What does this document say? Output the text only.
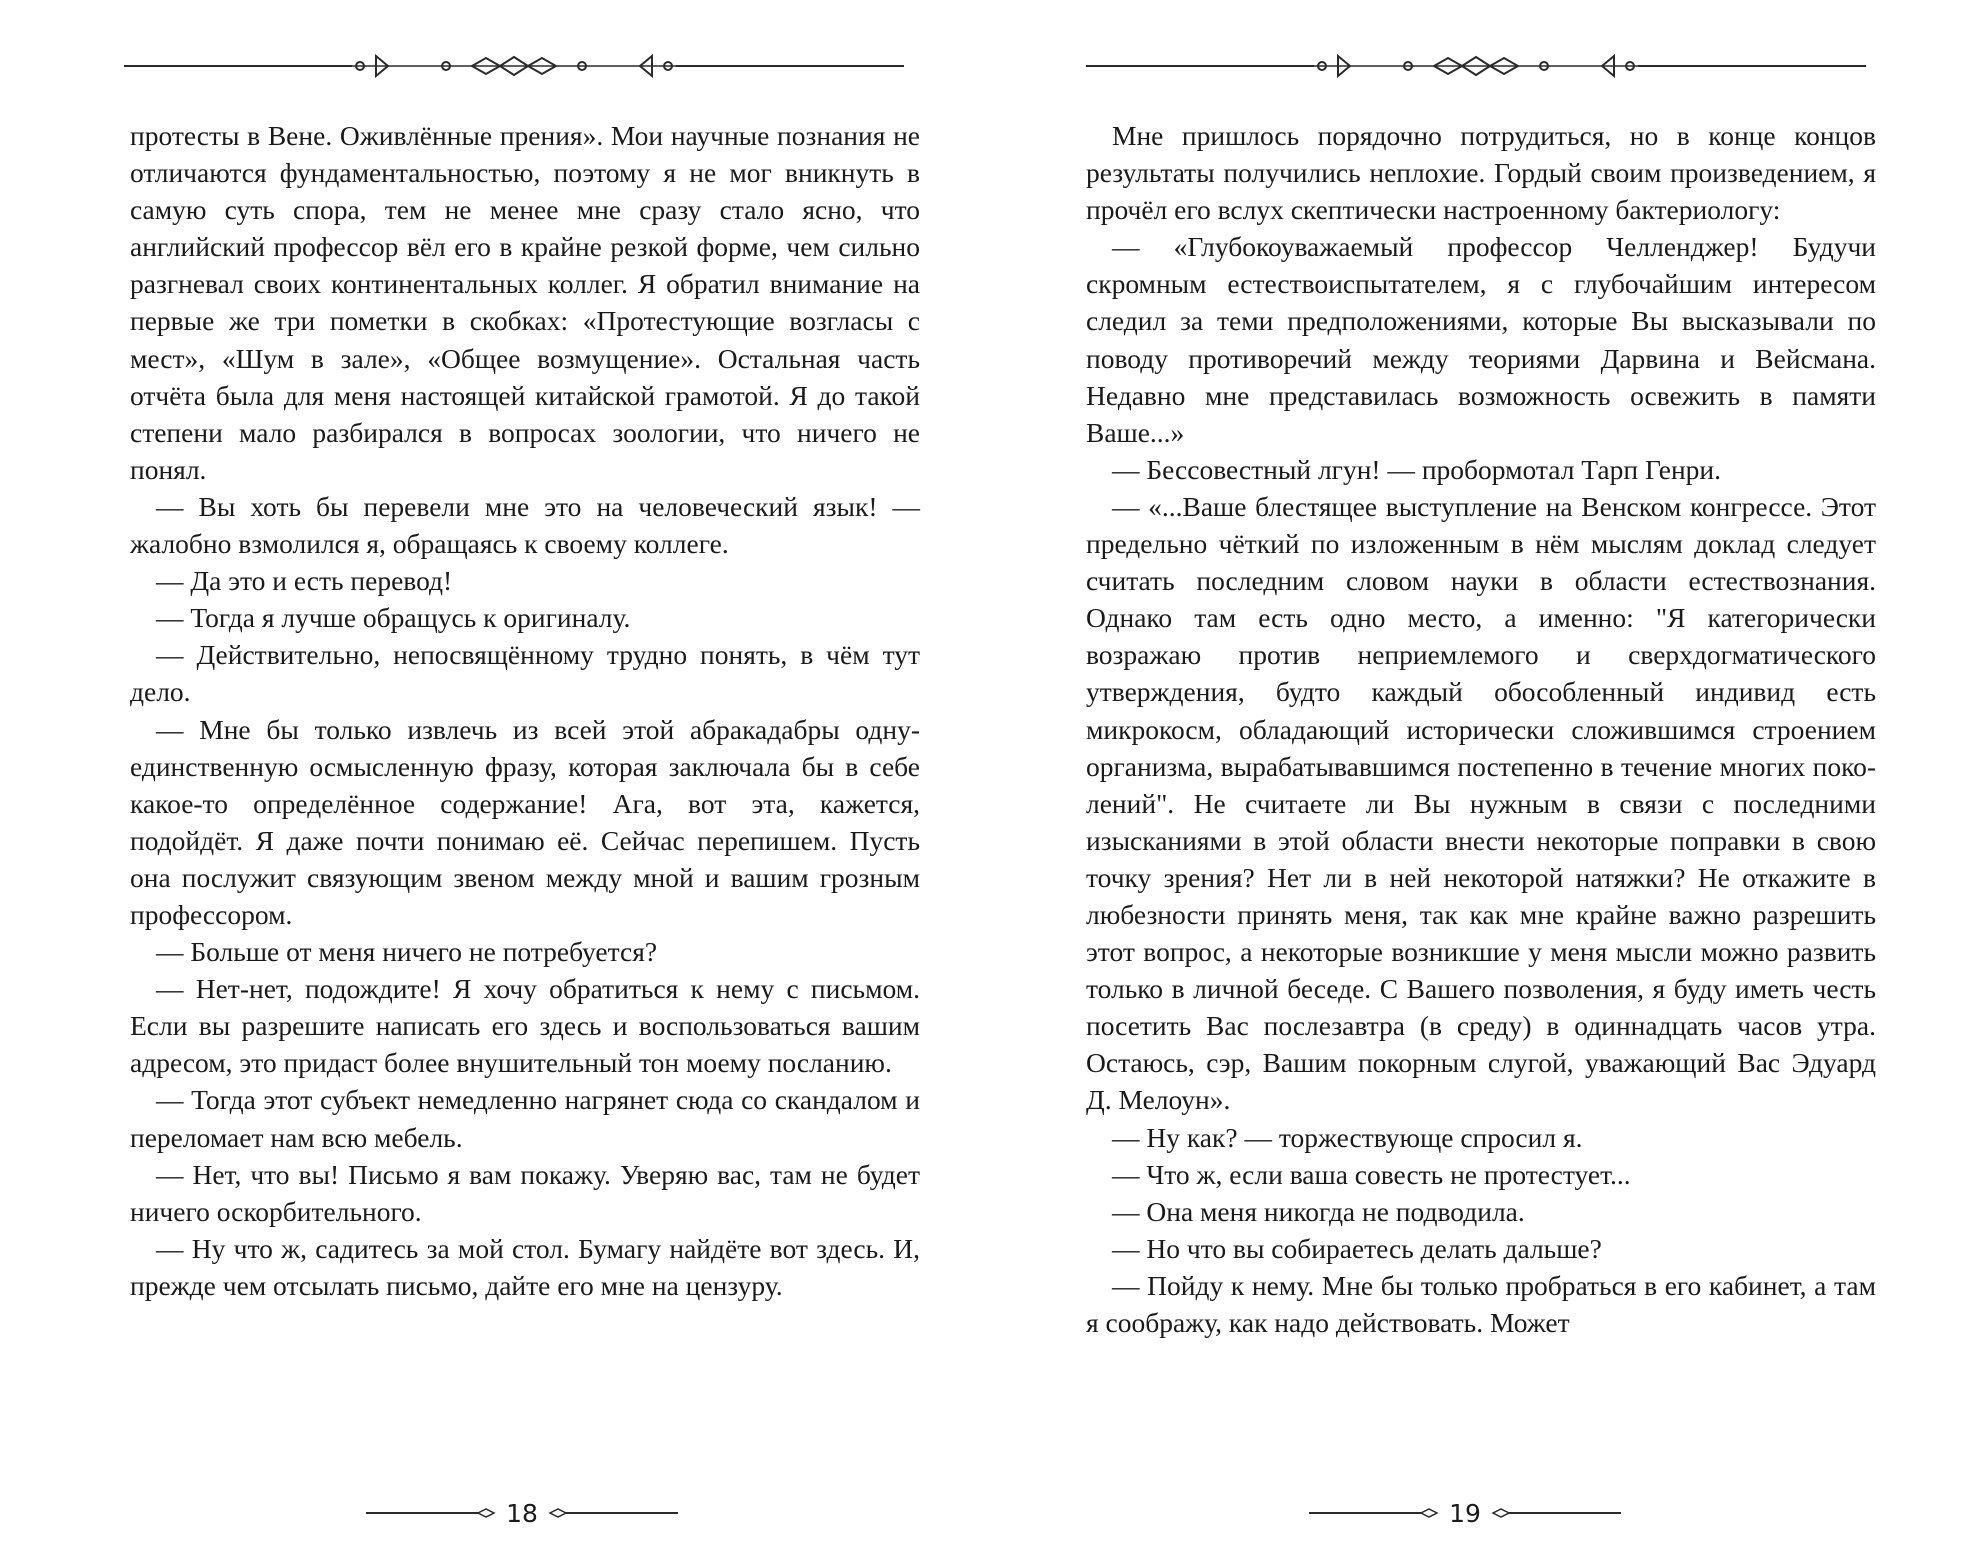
протесты в Вене. Оживлённые прения». Мои научные познания не отличаются фундаментальностью, поэтому я не мог вникнуть в самую суть спора, тем не менее мне сразу стало ясно, что английский профессор вёл его в крайне резкой форме, чем сильно разгневал своих континентальных коллег. Я обратил внимание на первые же три пометки в скобках: «Протестующие возгласы с мест», «Шум в зале», «Общее возмущение». Остальная часть отчёта была для меня настоящей китайской грамотой. Я до такой степени мало разбирался в вопросах зоологии, что ничего не понял.

— Вы хоть бы перевели мне это на человеческий язык! — жалобно взмолился я, обращаясь к своему коллеге.

— Да это и есть перевод!

— Тогда я лучше обращусь к оригиналу.

— Действительно, непосвящённому трудно понять, в чём тут дело.

— Мне бы только извлечь из всей этой абракадабры одну-единственную осмысленную фразу, которая заключала бы в себе какое-то определённое содержание! Ага, вот эта, кажется, подойдёт. Я даже почти понимаю её. Сейчас перепишем. Пусть она послужит связующим звеном между мной и вашим грозным профессором.

— Больше от меня ничего не потребуется?

— Нет-нет, подождите! Я хочу обратиться к нему с письмом. Если вы разрешите написать его здесь и воспользоваться вашим адресом, это придаст более внушительный тон моему посланию.

— Тогда этот субъект немедленно нагрянет сюда со скандалом и переломает нам всю мебель.

— Нет, что вы! Письмо я вам покажу. Уверяю вас, там не будет ничего оскорбительного.

— Ну что ж, садитесь за мой стол. Бумагу найдёте вот здесь. И, прежде чем отсылать письмо, дайте его мне на цензуру.

18

Мне пришлось порядочно потрудиться, но в конце концов результаты получились неплохие. Гордый своим произведением, я прочёл его вслух скептически настроенному бактериологу:

— «Глубокоуважаемый профессор Челленджер! Будучи скромным естествоиспытателем, я с глубочайшим интересом следил за теми предположениями, которые Вы высказывали по поводу противоречий между теориями Дарвина и Вейсмана. Недавно мне представилась возможность освежить в памяти Ваше...»

— Бессовестный лгун! — пробормотал Тарп Генри.

— «...Ваше блестящее выступление на Венском конгрессе. Этот предельно чёткий по изложенным в нём мыслям доклад следует считать последним словом науки в области естествознания. Однако там есть одно место, а именно: "Я категорически возражаю против неприемлемого и сверхдогматического утверждения, будто каждый обособленный индивид есть микрокосм, обладающий исторически сложившимся строением организма, вырабатывавшимся постепенно в течение многих поколений". Не считаете ли Вы нужным в связи с последними изысканиями в этой области внести некоторые поправки в свою точку зрения? Нет ли в ней некоторой натяжки? Не откажите в любезности принять меня, так как мне крайне важно разрешить этот вопрос, а некоторые возникшие у меня мысли можно развить только в личной беседе. С Вашего позволения, я буду иметь честь посетить Вас послезавтра (в среду) в одиннадцать часов утра. Остаюсь, сэр, Вашим покорным слугой, уважающий Вас Эдуард Д. Мелоун».

— Ну как? — торжествующе спросил я.

— Что ж, если ваша совесть не протестует...

— Она меня никогда не подводила.

— Но что вы собираетесь делать дальше?

— Пойду к нему. Мне бы только пробраться в его кабинет, а там я соображу, как надо действовать. Может

19
